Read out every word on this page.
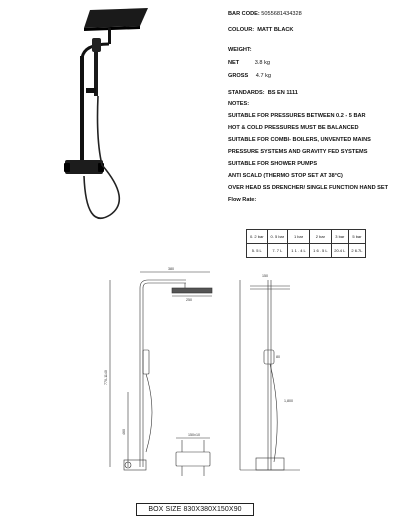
BAR CODE: 5055681434328
COLOUR: MATT BLACK
WEIGHT:
NET	3.8 kg
GROSS 4.7 kg
STANDARDS: BS EN 1111
NOTES:
SUITABLE FOR PRESSURES BETWEEN 0.2 - 5 BAR
HOT & COLD PRESSURES MUST BE BALANCED
SUITABLE FOR COMBI- BOILERS, UNVENTED MAINS
PRESSURE SYSTEMS AND GRAVITY FED SYSTEMS
SUITABLE FOR SHOWER PUMPS
ANTI SCALD (THERMO STOP SET AT 38°C)
OVER HEAD SS DRENCHER/ SINGLE FUNCTION HAND SET
Flow Rate:
0. 2 bar	0. 5 bar	1 bar	2 bar	3 bar	5 bar
5. 5 L	7. 7 L	1 1 . 4 L	1 6 . 5 L	20.4 L	2 6.7L
380
250
770-1140
460	150±10
150
1,800
80
BOX SIZE 830X380X150X90
